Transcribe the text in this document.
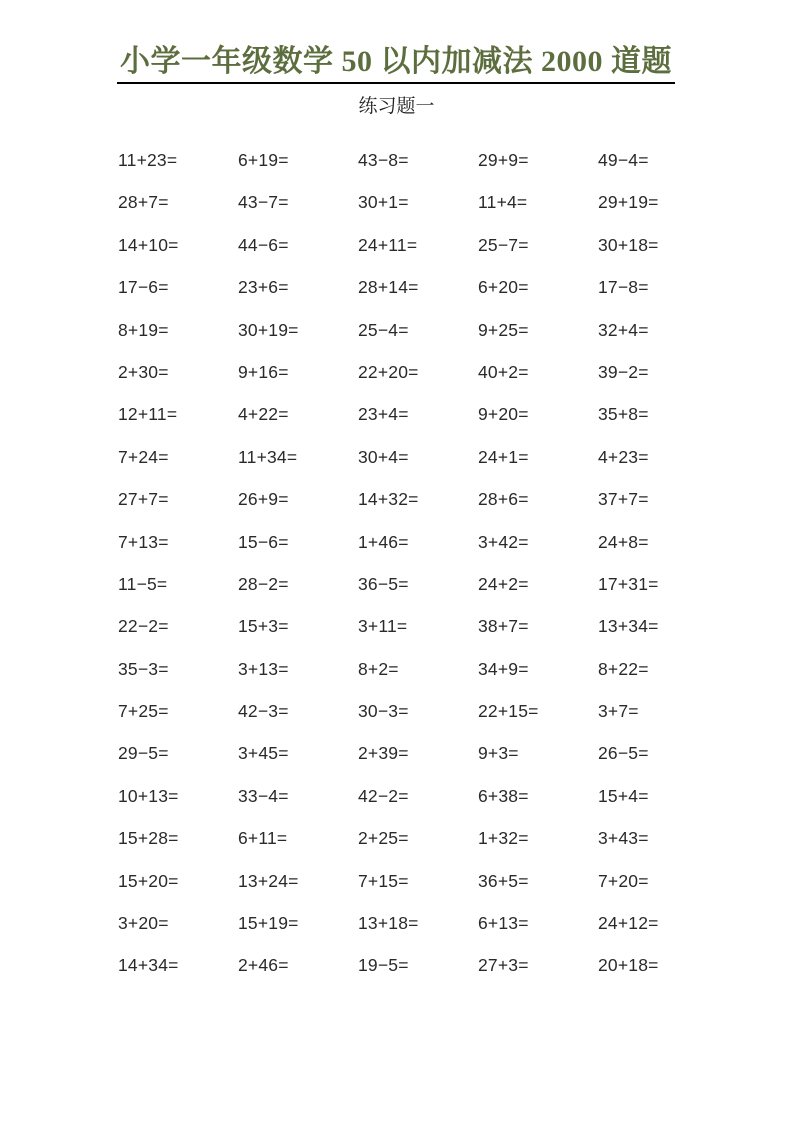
小学一年级数学 50 以内加减法 2000 道题
练习题一
11+23=	6+19=	43−8=	29+9=	49−4=
28+7=	43−7=	30+1=	11+4=	29+19=
14+10=	44−6=	24+11=	25−7=	30+18=
17−6=	23+6=	28+14=	6+20=	17−8=
8+19=	30+19=	25−4=	9+25=	32+4=
2+30=	9+16=	22+20=	40+2=	39−2=
12+11=	4+22=	23+4=	9+20=	35+8=
7+24=	11+34=	30+4=	24+1=	4+23=
27+7=	26+9=	14+32=	28+6=	37+7=
7+13=	15−6=	1+46=	3+42=	24+8=
11−5=	28−2=	36−5=	24+2=	17+31=
22−2=	15+3=	3+11=	38+7=	13+34=
35−3=	3+13=	8+2=	34+9=	8+22=
7+25=	42−3=	30−3=	22+15=	3+7=
29−5=	3+45=	2+39=	9+3=	26−5=
10+13=	33−4=	42−2=	6+38=	15+4=
15+28=	6+11=	2+25=	1+32=	3+43=
15+20=	13+24=	7+15=	36+5=	7+20=
3+20=	15+19=	13+18=	6+13=	24+12=
14+34=	2+46=	19−5=	27+3=	20+18=
